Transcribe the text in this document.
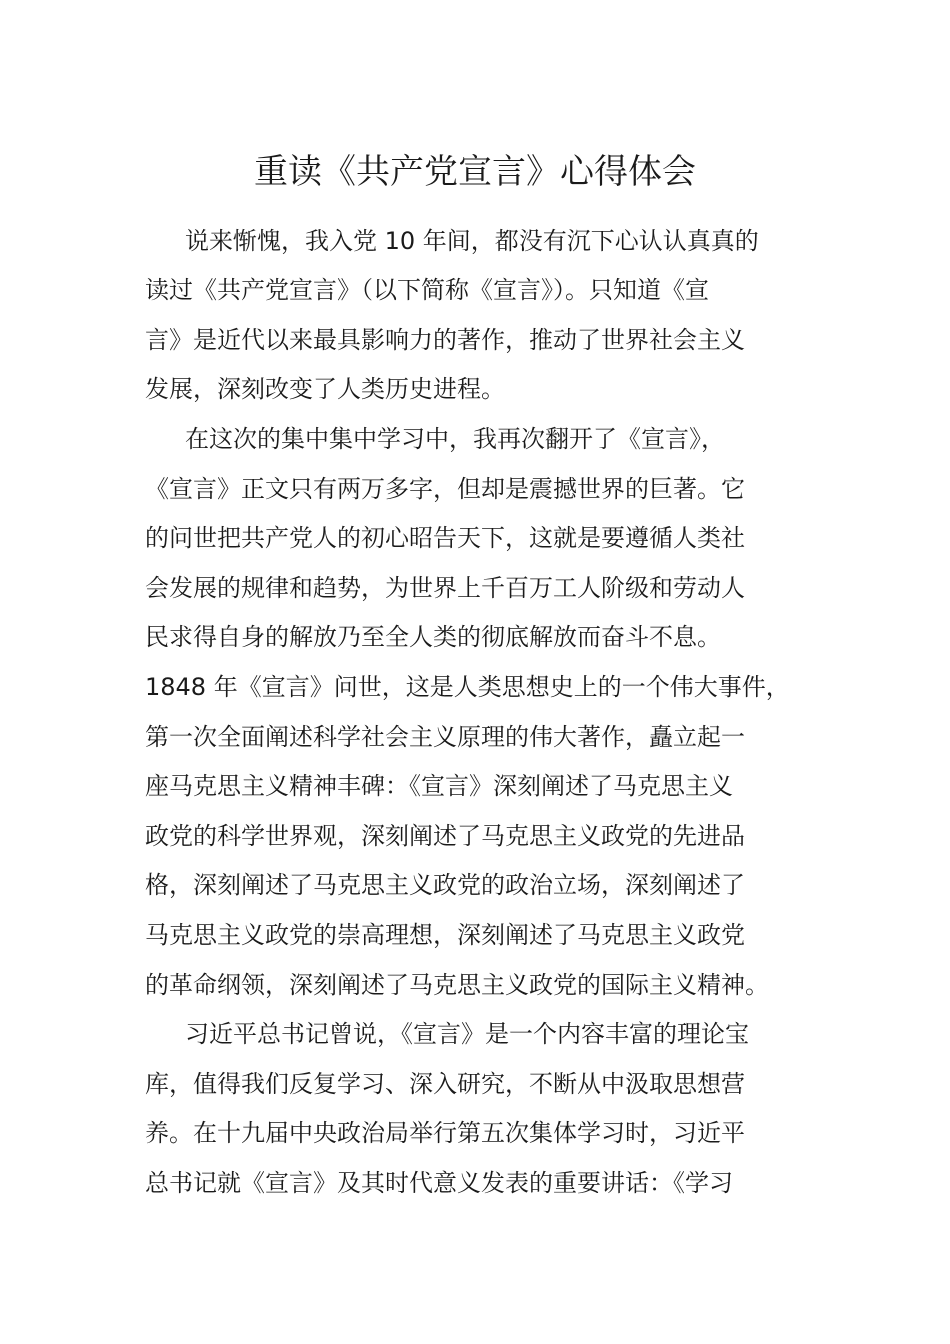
重读《共产党宣言》心得体会
说来惭愧，我入党 10 年间，都没有沉下心认认真真的
读过《共产党宣言》（以下简称《宣言》）。只知道《宣
言》是近代以来最具影响力的著作，推动了世界社会主义
发展，深刻改变了人类历史进程。
在这次的集中集中学习中，我再次翻开了《宣言》，
《宣言》正文只有两万多字，但却是震撼世界的巨著。它
的问世把共产党人的初心昭告天下，这就是要遵循人类社
会发展的规律和趋势，为世界上千百万工人阶级和劳动人
民求得自身的解放乃至全人类的彻底解放而奋斗不息。
1848 年《宣言》问世，这是人类思想史上的一个伟大事件，
第一次全面阐述科学社会主义原理的伟大著作，矗立起一
座马克思主义精神丰碑：《宣言》深刻阐述了马克思主义
政党的科学世界观，深刻阐述了马克思主义政党的先进品
格，深刻阐述了马克思主义政党的政治立场，深刻阐述了
马克思主义政党的崇高理想，深刻阐述了马克思主义政党
的革命纲领，深刻阐述了马克思主义政党的国际主义精神。
习近平总书记曾说，《宣言》是一个内容丰富的理论宝
库，值得我们反复学习、深入研究，不断从中汲取思想营
养。在十九届中央政治局举行第五次集体学习时，习近平
总书记就《宣言》及其时代意义发表的重要讲话：《学习
